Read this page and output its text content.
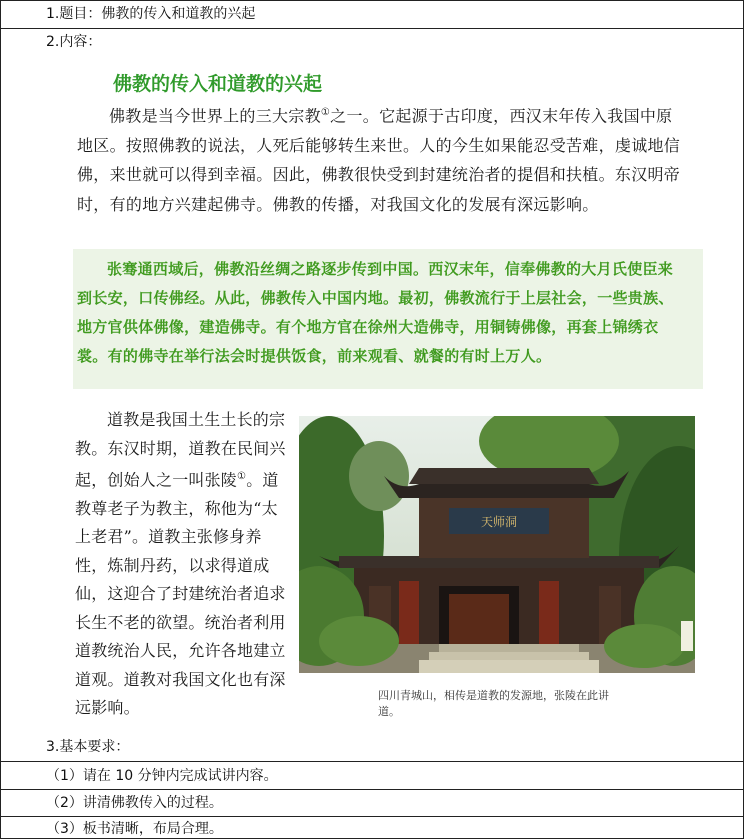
1.题目：佛教的传入和道教的兴起
2.内容：
佛教的传入和道教的兴起
佛教是当今世界上的三大宗教①之一。它起源于古印度，西汉末年传入我国中原地区。按照佛教的说法，人死后能够转生来世。人的今生如果能忍受苦难，虔诚地信佛，来世就可以得到幸福。因此，佛教很快受到封建统治者的提倡和扶植。东汉明帝时，有的地方兴建起佛寺。佛教的传播，对我国文化的发展有深远影响。
张骞通西域后，佛教沿丝绸之路逐步传到中国。西汉末年，信奉佛教的大月氏使臣来到长安，口传佛经。从此，佛教传入中国内地。最初，佛教流行于上层社会，一些贵族、地方官供体佛像，建造佛寺。有个地方官在徐州大造佛寺，用铜铸佛像，再套上锦绣衣裳。有的佛寺在举行法会时提供饭食，前来观看、就餐的有时上万人。
道教是我国土生土长的宗教。东汉时期，道教在民间兴起，创始人之一叫张陵①。道教尊老子为教主，称他为“太上老君”。道教主张修身养性，炼制丹药，以求得道成仙，这迎合了封建统治者追求长生不老的欲望。统治者利用道教统治人民，允许各地建立道观。道教对我国文化也有深远影响。
天师洞
四川青城山，相传是道教的发源地，张陵在此讲道。
3.基本要求：
（1）请在 10 分钟内完成试讲内容。
（2）讲清佛教传入的过程。
（3）板书清晰，布局合理。
